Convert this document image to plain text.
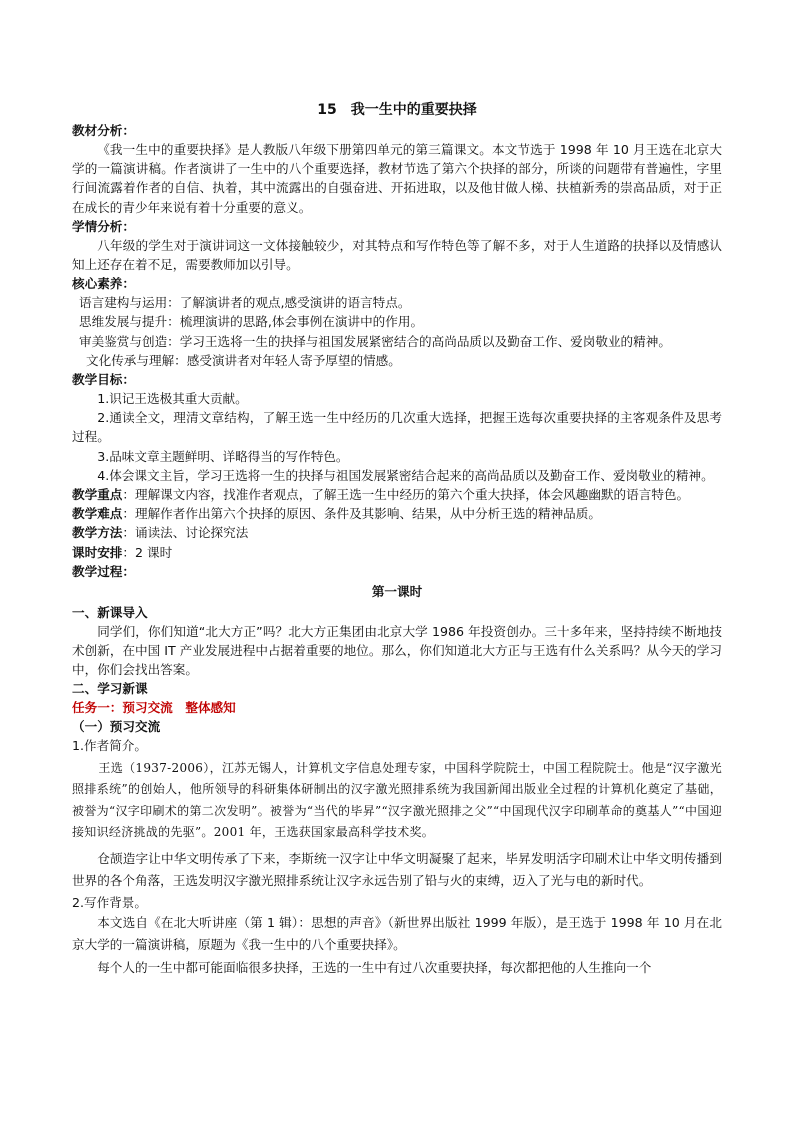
15　我一生中的重要抉择

教材分析：

《我一生中的重要抉择》是人教版八年级下册第四单元的第三篇课文。本文节选于 1998 年 10 月王选在北京大学的一篇演讲稿。作者演讲了一生中的八个重要选择，教材节选了第六个抉择的部分，所谈的问题带有普遍性，字里行间流露着作者的自信、执着，其中流露出的自强奋进、开拓进取，以及他甘做人梯、扶植新秀的崇高品质，对于正在成长的青少年来说有着十分重要的意义。

学情分析：

八年级的学生对于演讲词这一文体接触较少，对其特点和写作特色等了解不多，对于人生道路的抉择以及情感认知上还存在着不足，需要教师加以引导。

核心素养：

语言建构与运用：了解演讲者的观点,感受演讲的语言特点。

思维发展与提升：梳理演讲的思路,体会事例在演讲中的作用。

审美鉴赏与创造：学习王选将一生的抉择与祖国发展紧密结合的高尚品质以及勤奋工作、爱岗敬业的精神。

文化传承与理解：感受演讲者对年轻人寄予厚望的情感。

教学目标：

1.识记王选极其重大贡献。

2.通读全文，理清文章结构，了解王选一生中经历的几次重大选择，把握王选每次重要抉择的主客观条件及思考过程。

3.品味文章主题鲜明、详略得当的写作特色。

4.体会课文主旨，学习王选将一生的抉择与祖国发展紧密结合起来的高尚品质以及勤奋工作、爱岗敬业的精神。

教学重点：理解课文内容，找准作者观点，了解王选一生中经历的第六个重大抉择，体会风趣幽默的语言特色。

教学难点：理解作者作出第六个抉择的原因、条件及其影响、结果，从中分析王选的精神品质。

教学方法：诵读法、讨论探究法

课时安排：2 课时

教学过程：

第一课时

一、新课导入

同学们，你们知道“北大方正”吗？北大方正集团由北京大学 1986 年投资创办。三十多年来，坚持持续不断地技术创新，在中国 IT 产业发展进程中占据着重要的地位。那么，你们知道北大方正与王选有什么关系吗？从今天的学习中，你们会找出答案。

二、学习新课

任务一：预习交流　整体感知

（一）预习交流

1.作者简介。

王选（1937-2006），江苏无锡人，计算机文字信息处理专家，中国科学院院士，中国工程院院士。他是“汉字激光照排系统”的创始人，他所领导的科研集体研制出的汉字激光照排系统为我国新闻出版业全过程的计算机化奠定了基础，被誉为“汉字印刷术的第二次发明”。被誉为“当代的毕昇”“汉字激光照排之父”“中国现代汉字印刷革命的奠基人”“中国迎接知识经济挑战的先驱”。2001 年，王选获国家最高科学技术奖。

仓颉造字让中华文明传承了下来，李斯统一汉字让中华文明凝聚了起来，毕昇发明活字印刷术让中华文明传播到世界的各个角落，王选发明汉字激光照排系统让汉字永远告别了铅与火的束缚，迈入了光与电的新时代。

2.写作背景。

本文选自《在北大听讲座（第 1 辑）：思想的声音》（新世界出版社 1999 年版），是王选于 1998 年 10 月在北京大学的一篇演讲稿，原题为《我一生中的八个重要抉择》。

每个人的一生中都可能面临很多抉择，王选的一生中有过八次重要抉择，每次都把他的人生推向一个
